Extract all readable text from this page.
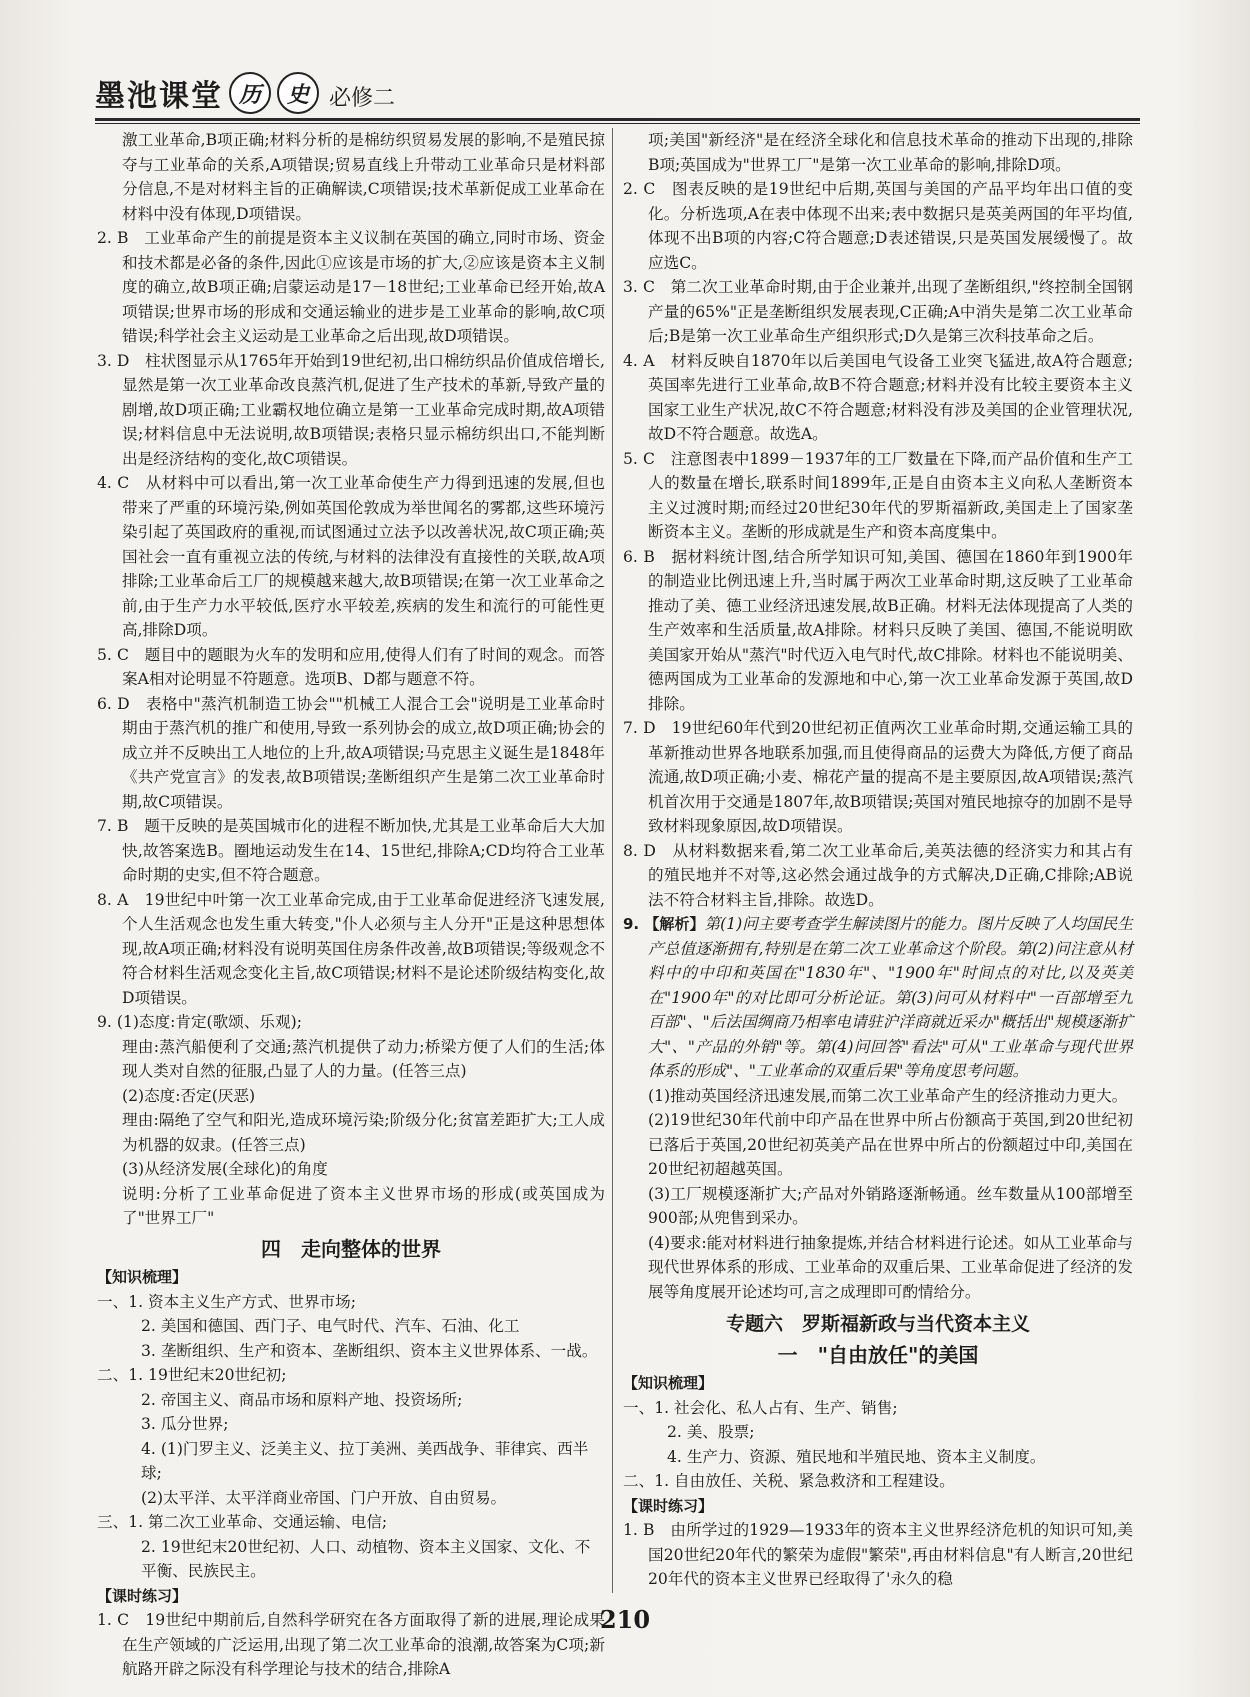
墨池课堂 历	史 必修二

激工业革命,B项正确;材料分析的是棉纺织贸易发展的影响,不是殖民掠夺与工业革命的关系,A项错误;贸易直线上升带动工业革命只是材料部分信息,不是对材料主旨的正确解读,C项错误;技术革新促成工业革命在材料中没有体现,D项错误。

2. B　工业革命产生的前提是资本主义议制在英国的确立,同时市场、资金和技术都是必备的条件,因此①应该是市场的扩大,②应该是资本主义制度的确立,故B项正确;启蒙运动是17－18世纪;工业革命已经开始,故A项错误;世界市场的形成和交通运输业的进步是工业革命的影响,故C项错误;科学社会主义运动是工业革命之后出现,故D项错误。

3. D　柱状图显示从1765年开始到19世纪初,出口棉纺织品价值成倍增长,显然是第一次工业革命改良蒸汽机,促进了生产技术的革新,导致产量的剧增,故D项正确;工业霸权地位确立是第一工业革命完成时期,故A项错误;材料信息中无法说明,故B项错误;表格只显示棉纺织出口,不能判断出是经济结构的变化,故C项错误。

4. C　从材料中可以看出,第一次工业革命使生产力得到迅速的发展,但也带来了严重的环境污染,例如英国伦敦成为举世闻名的雾都,这些环境污染引起了英国政府的重视,而试图通过立法予以改善状况,故C项正确;英国社会一直有重视立法的传统,与材料的法律没有直接性的关联,故A项排除;工业革命后工厂的规模越来越大,故B项错误;在第一次工业革命之前,由于生产力水平较低,医疗水平较差,疾病的发生和流行的可能性更高,排除D项。

5. C　题目中的题眼为火车的发明和应用,使得人们有了时间的观念。而答案A相对论明显不符题意。选项B、D都与题意不符。

6. D　表格中"蒸汽机制造工协会""机械工人混合工会"说明是工业革命时期由于蒸汽机的推广和使用,导致一系列协会的成立,故D项正确;协会的成立并不反映出工人地位的上升,故A项错误;马克思主义诞生是1848年《共产党宣言》的发表,故B项错误;垄断组织产生是第二次工业革命时期,故C项错误。

7. B　题干反映的是英国城市化的进程不断加快,尤其是工业革命后大大加快,故答案选B。圈地运动发生在14、15世纪,排除A;CD均符合工业革命时期的史实,但不符合题意。

8. A　19世纪中叶第一次工业革命完成,由于工业革命促进经济飞速发展,个人生活观念也发生重大转变,"仆人必须与主人分开"正是这种思想体现,故A项正确;材料没有说明英国住房条件改善,故B项错误;等级观念不符合材料生活观念变化主旨,故C项错误;材料不是论述阶级结构变化,故D项错误。

9. (1)态度:肯定(歌颂、乐观);

理由:蒸汽船便利了交通;蒸汽机提供了动力;桥梁方便了人们的生活;体现人类对自然的征服,凸显了人的力量。(任答三点)

(2)态度:否定(厌恶)

理由:隔绝了空气和阳光,造成环境污染;阶级分化;贫富差距扩大;工人成为机器的奴隶。(任答三点)

(3)从经济发展(全球化)的角度

说明:分析了工业革命促进了资本主义世界市场的形成(或英国成为了"世界工厂"

四　走向整体的世界

【知识梳理】

一、1. 资本主义生产方式、世界市场;

2. 美国和德国、西门子、电气时代、汽车、石油、化工

3. 垄断组织、生产和资本、垄断组织、资本主义世界体系、一战。

二、1. 19世纪末20世纪初;

2. 帝国主义、商品市场和原料产地、投资场所;

3. 瓜分世界;

4. (1)门罗主义、泛美主义、拉丁美洲、美西战争、菲律宾、西半球;

(2)太平洋、太平洋商业帝国、门户开放、自由贸易。

三、1. 第二次工业革命、交通运输、电信;

2. 19世纪末20世纪初、人口、动植物、资本主义国家、文化、不平衡、民族民主。

【课时练习】

1. C　19世纪中期前后,自然科学研究在各方面取得了新的进展,理论成果在生产领域的广泛运用,出现了第二次工业革命的浪潮,故答案为C项;新航路开辟之际没有科学理论与技术的结合,排除A

项;美国"新经济"是在经济全球化和信息技术革命的推动下出现的,排除B项;英国成为"世界工厂"是第一次工业革命的影响,排除D项。

2. C　图表反映的是19世纪中后期,英国与美国的产品平均年出口值的变化。分析选项,A在表中体现不出来;表中数据只是英美两国的年平均值,体现不出B项的内容;C符合题意;D表述错误,只是英国发展缓慢了。故应选C。

3. C　第二次工业革命时期,由于企业兼并,出现了垄断组织,"终控制全国钢产量的65%"正是垄断组织发展表现,C正确;A中消失是第二次工业革命后;B是第一次工业革命生产组织形式;D久是第三次科技革命之后。

4. A　材料反映自1870年以后美国电气设备工业突飞猛进,故A符合题意;英国率先进行工业革命,故B不符合题意;材料并没有比较主要资本主义国家工业生产状况,故C不符合题意;材料没有涉及美国的企业管理状况,故D不符合题意。故选A。

5. C　注意图表中1899－1937年的工厂数量在下降,而产品价值和生产工人的数量在增长,联系时间1899年,正是自由资本主义向私人垄断资本主义过渡时期;而经过20世纪30年代的罗斯福新政,美国走上了国家垄断资本主义。垄断的形成就是生产和资本高度集中。

6. B　据材料统计图,结合所学知识可知,美国、德国在1860年到1900年的制造业比例迅速上升,当时属于两次工业革命时期,这反映了工业革命推动了美、德工业经济迅速发展,故B正确。材料无法体现提高了人类的生产效率和生活质量,故A排除。材料只反映了美国、德国,不能说明欧美国家开始从"蒸汽"时代迈入电气时代,故C排除。材料也不能说明美、德两国成为工业革命的发源地和中心,第一次工业革命发源于英国,故D排除。

7. D　19世纪60年代到20世纪初正值两次工业革命时期,交通运输工具的革新推动世界各地联系加强,而且使得商品的运费大为降低,方便了商品流通,故D项正确;小麦、棉花产量的提高不是主要原因,故A项错误;蒸汽机首次用于交通是1807年,故B项错误;英国对殖民地掠夺的加剧不是导致材料现象原因,故D项错误。

8. D　从材料数据来看,第二次工业革命后,美英法德的经济实力和其占有的殖民地并不对等,这必然会通过战争的方式解决,D正确,C排除;AB说法不符合材料主旨,排除。故选D。

9. 【解析】第(1)问主要考查学生解读图片的能力。图片反映了人均国民生产总值逐渐拥有,特别是在第二次工业革命这个阶段。第(2)问注意从材料中的中印和英国在"1830年"、"1900年"时间点的对比,以及英美在"1900年"的对比即可分析论证。第(3)问可从材料中"一百部增至九百部"、"后法国绸商乃相率电请驻沪洋商就近采办"概括出"规模逐渐扩大"、"产品的外销"等。第(4)问回答"看法"可从"工业革命与现代世界体系的形成"、"工业革命的双重后果"等角度思考问题。

(1)推动英国经济迅速发展,而第二次工业革命产生的经济推动力更大。

(2)19世纪30年代前中印产品在世界中所占份额高于英国,到20世纪初已落后于英国,20世纪初英美产品在世界中所占的份额超过中印,美国在20世纪初超越英国。

(3)工厂规模逐渐扩大;产品对外销路逐渐畅通。丝车数量从100部增至900部;从兜售到采办。

(4)要求:能对材料进行抽象提炼,并结合材料进行论述。如从工业革命与现代世界体系的形成、工业革命的双重后果、工业革命促进了经济的发展等角度展开论述均可,言之成理即可酌情给分。

专题六　罗斯福新政与当代资本主义
一　"自由放任"的美国

【知识梳理】

一、1. 社会化、私人占有、生产、销售;

2. 美、股票;

4. 生产力、资源、殖民地和半殖民地、资本主义制度。

二、1. 自由放任、关税、紧急救济和工程建设。

【课时练习】

1. B　由所学过的1929—1933年的资本主义世界经济危机的知识可知,美国20世纪20年代的繁荣为虚假"繁荣",再由材料信息"有人断言,20世纪20年代的资本主义世界已经取得了'永久的稳

210
